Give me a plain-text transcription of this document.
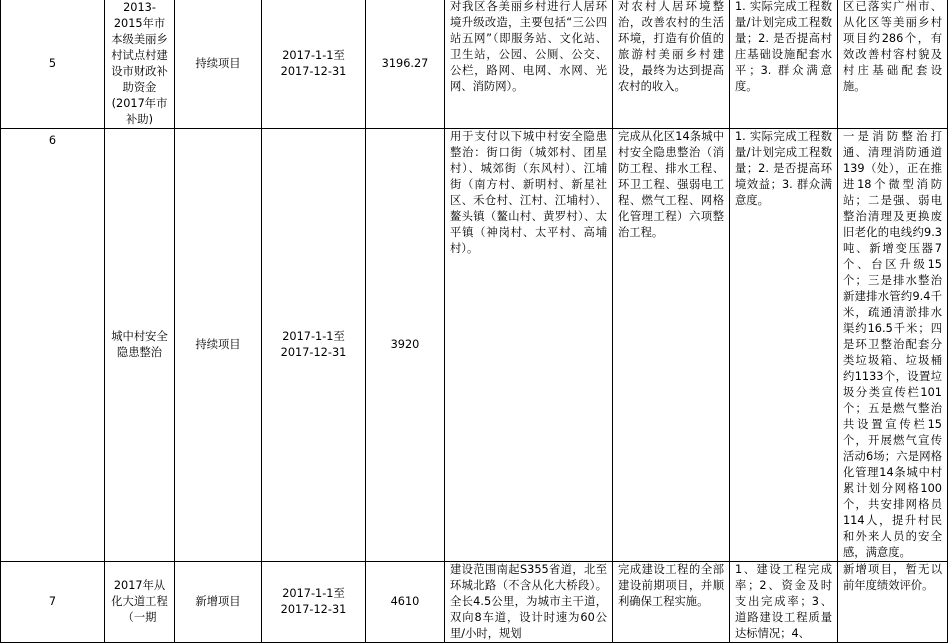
5	2013-2015年市本级美丽乡村试点村建设市财政补助资金(2017年市补助)	持续项目	2017-1-1至2017-12-31	3196.27	对我区各美丽乡村进行人居环境升级改造，主要包括“三公四站五网”（即服务站、文化站、卫生站，公园、公厕、公交、公栏，路网、电网、水网、光网、消防网）。	对农村人居环境整治，改善农村的生活环境，打造有价值的旅游村美丽乡村建设，最终为达到提高农村的收入。	1. 实际完成工程数量/计划完成工程数量；2. 是否提高村庄基础设施配套水平；3. 群众满意度。	区已落实广州市、从化区等美丽乡村项目约286个，有效改善村容村貌及村庄基础配套设施。
6	城中村安全隐患整治	持续项目	2017-1-1至2017-12-31	3920	用于支付以下城中村安全隐患整治：街口街（城郊村、团星村）、城郊街（东风村）、江埔街（南方村、新明村、新星社区、禾仓村、江村、江埔村）、鳌头镇（鳌山村、黄罗村）、太平镇（神岗村、太平村、高埔村）。	完成从化区14条城中村安全隐患整治（消防工程、排水工程、环卫工程、强弱电工程、燃气工程、网格化管理工程）六项整治工程。	1. 实际完成工程数量/计划完成工程数量；2. 是否提高环境效益；3. 群众满意度。	一是消防整治打通、清理消防通道139（处），正在推进18个微型消防站；二是强、弱电整治清理及更换废旧老化的电线约9.3吨、新增变压器7个、台区升级15个；三是排水整治新建排水管约9.4千米，疏通清淤排水渠约16.5千米；四是环卫整治配套分类垃圾箱、垃圾桶约1133个，设置垃圾分类宣传栏101个；五是燃气整治共设置宣传栏15个，开展燃气宣传活动6场；六是网格化管理14条城中村累计划分网格100个，共安排网格员114人，提升村民和外来人员的安全感，满意度。
7	2017年从化大道工程（一期	新增项目	2017-1-1至2017-12-31	4610	建设范围南起S355省道，北至环城北路（不含从化大桥段）。全长4.5公里，为城市主干道，双向8车道，设计时速为60公里/小时，规划	完成建设工程的全部建设前期项目，并顺利确保工程实施。	1、建设工程完成率；2、资金及时支出完成率；3、道路建设工程质量达标情况；4、	新增项目，暂无以前年度绩效评价。
